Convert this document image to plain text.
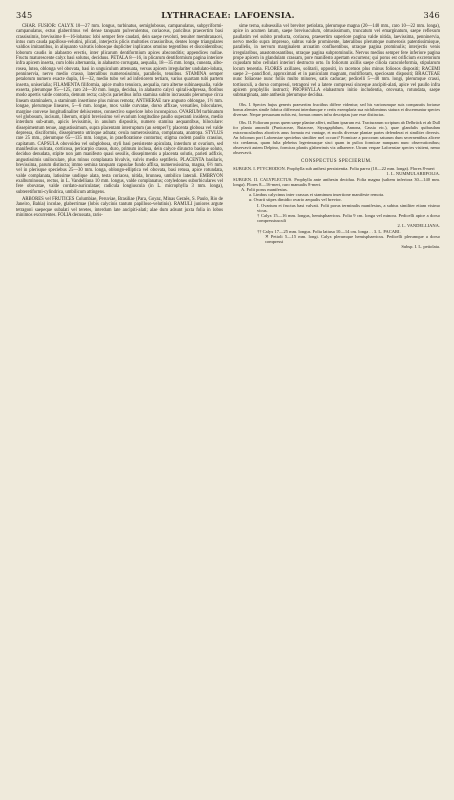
345	LYTHRACEAE: LAFOENSIA.	346

CHAR. FUSIOR: CALYX 10—27 mm. longus, turbinatus, semiglobosus, campanulatus, subpyriformi-campanulatus, extus glaberrimus vel dense tanquam pulverulentus, coriaceus, paricibus praecertim basi crassissimis, brevissime 8—16-lobatus: lobi semper fere caudati, dein saepe revoluti, tenuiter membranacei, intus cum cauda papilloso-velutini, plicati, interjectis plicis multoties crassioribus, dentes longe triangulares valdios imitantibus, in aliquanto valvatis lobosque dupliciter inplicatos omnino tegentibus et discoidentibus; loborum caudis in alabastro erectis, inter plicarum dentiformium apices absconditis; appendices nullae. Fructu maturescente calyx basi solutus, deciduus. PETALA 8—16, in plicarum dentiformium pagina interiore infra apicem inserta, cum lobis alternantia, in alabastro corrugata, aequalia, 18—35 mm. longa, cuneata, albo-rosea, lutea, oblonga vel obovata, basi in unguiculum attenuata, versus apicem irregulariter undulato-lobata, penninervia, nervo medio crasso, lateralibus numerosissimis, parallelis, tenuibus. STAMINA semper petalorum numero exacte dupla, 16—32, medio tubo vel ad inferiorem tertiam, varius quartam tubi partem inserta, uniserialia; FILAMENTA filiformia, apice multo tenuiora, aequalia, raro alterne subinaequalia, valde exserta, plerumque 95—125, raro 24—30 mm. longa, decidua, in alabastro calyci spirali-adpressa, floribus modo apertis valde contorta, demum recta; calycis parietibus infra stamina subito incrassatis plerumque circa lineam staminalem, a staminum insertione plus minus remota; ANTHERAE rare angusto oblongae, 1½ mm. longae, plerumque lineares, 5—6 mm. longae, mox valde curvatae, dorso affixae, versatiles, biloculares, margine convexe longitudinaliter dehiscentes, connectivo superiore lobo inconspicuo. OVARIUM turbinatum vel globosum, incisum, liberum, stipiti brevissimo vel evarium longitudine paullo superanti insidens, medio interdum sub-atum, apicis levissimis, in anulum dispositis, numero stamina aequantibus, biloculare: dissepimentum tenue, angustissimum, supra placentam interruptum (an semper?); placenta globosa vel valde depressa, disciformis, dissepimento utrinque adnata; ovula numerosissima, complanata, anatropa. STYLUS rare 25 mm., plerumque 65—135 mm. longus, in praefloratione contortus; stigma codem paullo crassius, capitatum. CAPSULA obovoidea vel subglobosa, styli basi persistente apiculata, interdum ut ovarium, sed manifestius sulcata, corticosa, pericarpio crasso, duro, primum inclusa, dein calyce diruncto basique soluto, deciduo denudata, stipite non jam manifesto quasi sessilis, dissepimentis a placenta solutis, parieti adfixis, angustissimis uniloculare, plus minus complanata bivalvis, valvis medio septiferis. PLACENTA basilaris, brevissima, parum distincta; immo semina tanquam capsulae fundo affixa, numerosissima, magna, 6½ mm. vel in plerisque speciebus 25—30 mm. longa, oblongo-elliptica vel obovata, basi retusa, apice rotundata, valde complanata, latissime undique alata, testa coriacea, nitida, brunnea, umbilico laterali. EMBRYON exalbuminosus, rectus, in L. Vandelliana 10 mm. longus, valde complanatus; cotyledones suborbiculares vel fere obovatae, valde cordato-auriculatae; radicula longiuscula (in L. microphylla 3 mm. longa), subteretiformi-cylindrica, umbilicum attingens.

ARBORES vel FRUTICES Columbiae, Peruviae, Brasiliae (Para, Goyaz, Minas Geraës, S. Paulo, Rio de Janeiro, Bahia) incolae, glaberrimae (lobis calycinis tantum papilloso-velutinis). RAMULI juniores argute tetragoni saepeque subalati vel teretes, interdum late ancipiti-alati; alae dum adsunt juxta folia in lobos minimos excurrentes. FOLIA decussata, raris-

sime terna, subsessilia vel breviter petiolata, plerumque magna (20—140 mm., raro 10—22 mm. longa), apice in acumen latum, saepe breviusculum, obtusissimum, truncatum vel emarginatum, saepe reflexum paullatim vel subito producta, coriacea, praesertim superiore pagina valde nitida, laevissima, penninervia, nervo medio supra impresso, subtus valde prominente, lateralibus plerumque numerosis patentissimisque, parallelis, in nervum marginalem arcuatim confluentibus, utraque pagina prominulis; interjectis venis irregularibus, anastomosantibus, utraque pagina subprominulis. Nervus medius semper fere inferiore pagina prope apicem in glandulam crassam, pore manifesto apertam excurrens; qui porus est orificium excretorium cujusdam tubo cellulari interiori destructo orto. In foliorum axillis saepe ciliola caracoleformia, stipularum locum tenentia. FLORES axillares, solitarii, oppositi, in racemos plus minus foliosos dispositi; RACEMI saepe 2—panciflori, approximati et in paniculam magnam, multifloram, speciosam dispositi; BRACTEAE nunc foliaceae nunc foliis multo minores, satis caducae; pedicelli 5—40 mm. longi, plerumque crassi, tortiusculi, a dorso compressi, tetragoni vel a latere compressi sinceque ancipiti-alati, apice vel paullo infra apicem prophyllis instructi; PROPHYLLA elabastrum initio includentia, orovoata, rotundata, saepe submarginata, ante anthesin plerumque decidua.

Obs. I. Species hujus generis praesertim fructibus differe videntur; sed his variorumque suis comparatis fortasse bonus alemtes simile fabrica differrunt interdumque e certis exemplaria sua nichilominus statura et discernuntur species diversae. Neque persuasum nobis est, formas omnes infra descriptas jure esse distinctas.

Obs. II. Foliorum porus quem saepe plantae affert, nullum ipsarum est. Tracturarum scriptum ab Delbrück et ab Dull for planta amondit (Punicaceae, Rutaceae, Styragaphilum, Annona, Cassia etc.), quae glandulis quibusdam extravascularibus abortivis anus formata est vantage, et modis diversae plantae partes defenderat et similiter diversis. An foliorum pori Lafoensiae speciebus similiter mel occurri? Formicae a porcorum saturum dum secernentibus alicere vix credamus, quam fulta plebeius legerimusque sisci quam in psiloa formicae nunquam nunc observationibus; observavit autem Delpino, formicas plantis glaberrimis vix adhaerere. Utrum vespae Lafoensiae species visitent, nemo observavit.

CONSPECTUS SPECIERUM.
SUBGEN. I. PTYCHODON. Prophylla sub anthesi persistentia. Folia parva (10—22 mm. longa). Flores 8-meri
1. L. NUMMULARIIFOLIA.
SUBGEN. II. CALYPLECTUS. Prophylla ante anthesin decidua. Folia magna (saltem inferiora 30—140 mm. longa). Flores 8—16-meri, raro manualis 8-meri.
A. Folii porus manifestus.
a. Limbus calycinus inter crassus et staminum insertione manifeste remota.
α. Ovarii stipes dimidio ovario aequalis vel brevior.
I. Ovarium et fructus basi valvati. Folii porus terminalis manifestus, a subtus similiter etiam visimo vicus.
† Calyx 15—16 mm. longus, hemisphaericus. Folia 9 cm. longa vel minora. Pedicelli apice a dorso compressiusculi
2. L. VANDELLIANA.
†† Calyx 17—25 mm. longus. Folia latiusa 10—14 cm. longa . . 3. L. PACARI.
✕ Petioli 5—15 mm. longi. Calyx plerumque hemisphaericus. Pedicelli plerumque a dorso compressi
Subsp. I. L. petiolata.
